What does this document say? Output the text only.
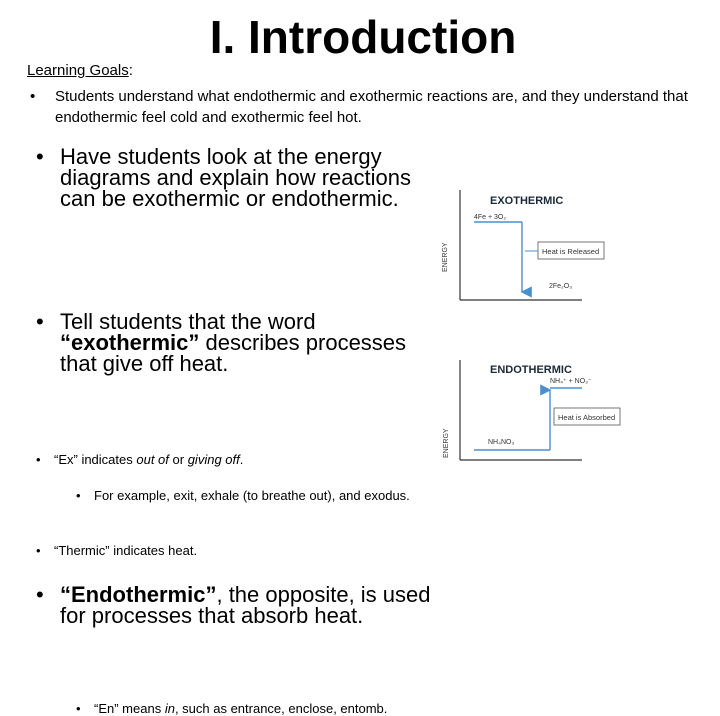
I. Introduction
Learning Goals:
• Students understand what endothermic and exothermic reactions are, and they understand that endothermic feel cold and exothermic feel hot.
• Have students look at the energy diagrams and explain how reactions can be exothermic or endothermic.
• Tell students that the word “exothermic” describes processes that give off heat.
• “Ex” indicates out of or giving off.
• For example, exit, exhale (to breathe out), and exodus.
• “Thermic” indicates heat.
• “Endothermic”, the opposite, is used for processes that absorb heat.
• “En” means in, such as entrance, enclose, entomb.
EXOTHERMIC
ENERGY
4Fe + 3O₂
Heat is Released
2Fe₂O₃
ENDOTHERMIC
ENERGY
NH₄⁺ + NO₃⁻
Heat is Absorbed
NH₄NO₃
